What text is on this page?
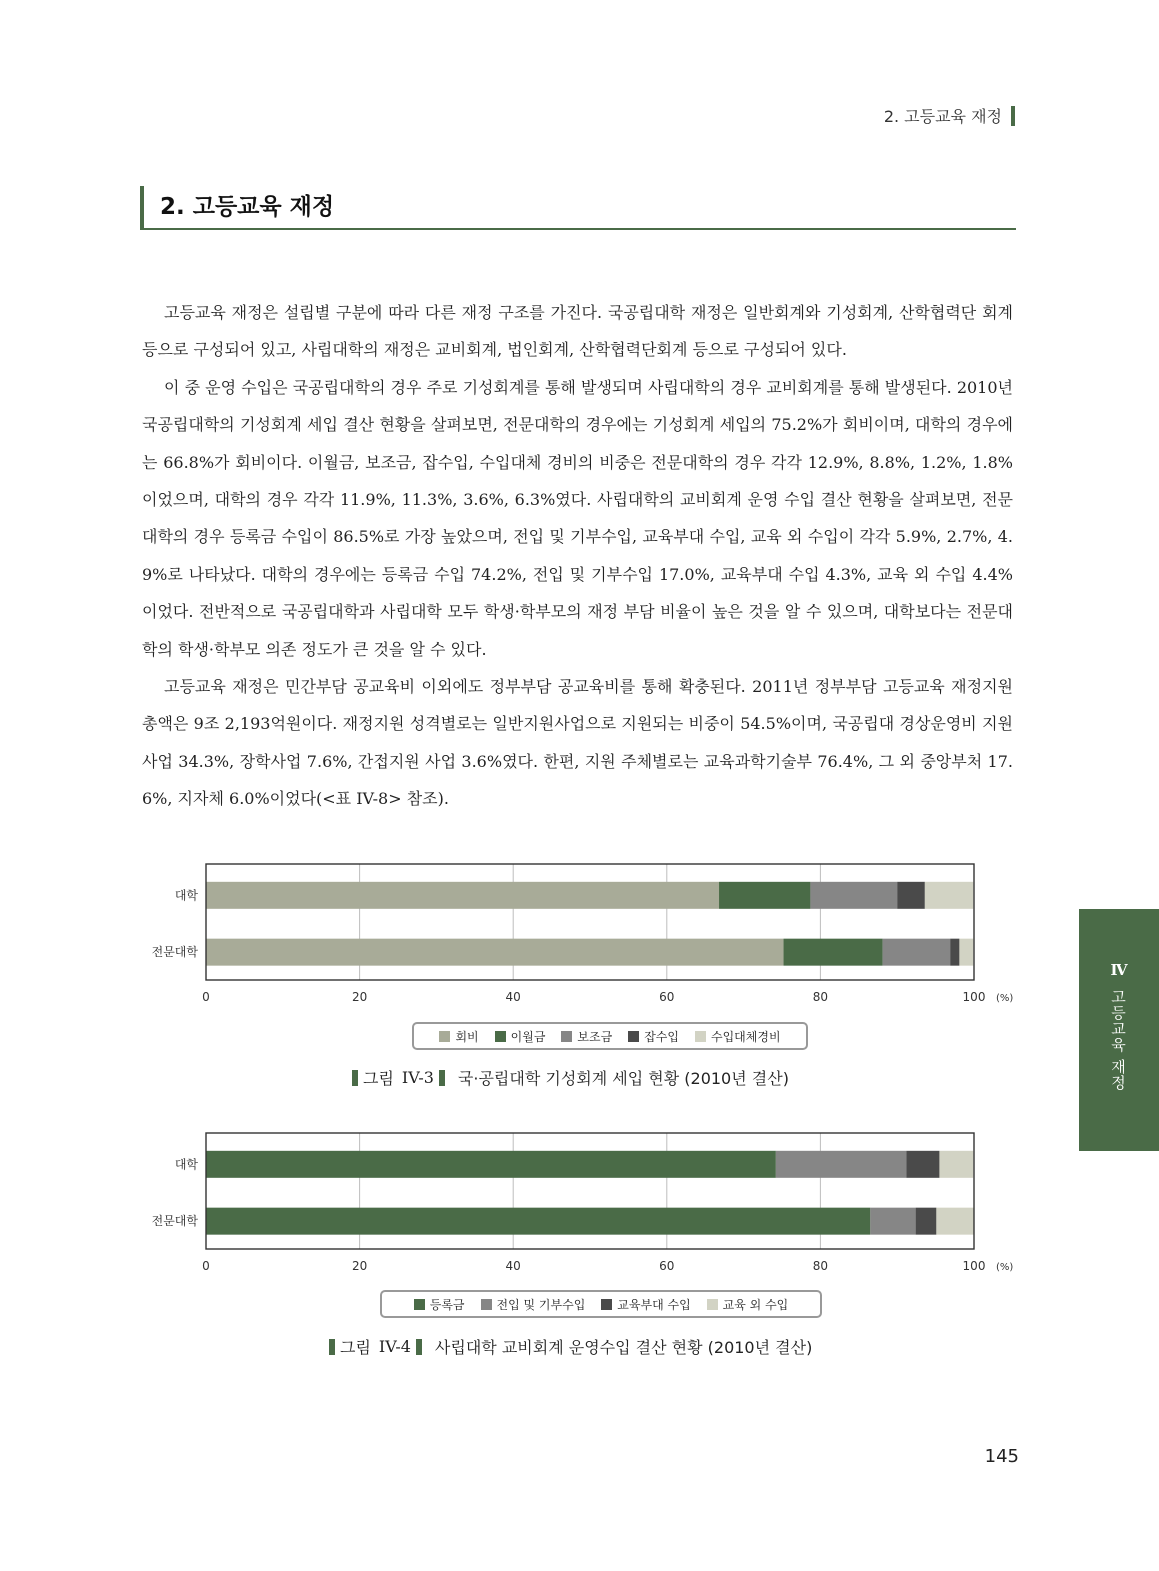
2. 고등교육 재정
2. 고등교육 재정

고등교육 재정은 설립별 구분에 따라 다른 재정 구조를 가진다. 국공립대학 재정은 일반회계와 기성회계, 산학협력단 회계 등으로 구성되어 있고, 사립대학의 재정은 교비회계, 법인회계, 산학협력단회계 등으로 구성되어 있다.

이 중 운영 수입은 국공립대학의 경우 주로 기성회계를 통해 발생되며 사립대학의 경우 교비회계를 통해 발생된다. 2010년 국공립대학의 기성회계 세입 결산 현황을 살펴보면, 전문대학의 경우에는 기성회계 세입의 75.2%가 회비이며, 대학의 경우에는 66.8%가 회비이다. 이월금, 보조금, 잡수입, 수입대체 경비의 비중은 전문대학의 경우 각각 12.9%, 8.8%, 1.2%, 1.8% 이었으며, 대학의 경우 각각 11.9%, 11.3%, 3.6%, 6.3%였다. 사립대학의 교비회계 운영 수입 결산 현황을 살펴보면, 전문대학의 경우 등록금 수입이 86.5%로 가장 높았으며, 전입 및 기부수입, 교육부대 수입, 교육 외 수입이 각각 5.9%, 2.7%, 4.9%로 나타났다. 대학의 경우에는 등록금 수입 74.2%, 전입 및 기부수입 17.0%, 교육부대 수입 4.3%, 교육 외 수입 4.4%이었다. 전반적으로 국공립대학과 사립대학 모두 학생·학부모의 재정 부담 비율이 높은 것을 알 수 있으며, 대학보다는 전문대학의 학생·학부모 의존 정도가 큰 것을 알 수 있다.

고등교육 재정은 민간부담 공교육비 이외에도 정부부담 공교육비를 통해 확충된다. 2011년 정부부담 고등교육 재정지원 총액은 9조 2,193억원이다. 재정지원 성격별로는 일반지원사업으로 지원되는 비중이 54.5%이며, 국공립대 경상운영비 지원사업 34.3%, 장학사업 7.6%, 간접지원 사업 3.6%였다. 한편, 지원 주체별로는 교육과학기술부 76.4%, 그 외 중앙부처 17.6%, 지자체 6.0%이었다(<표 IV-8> 참조).

0	20	40	60	80	100 (%)
대학
전문대학
회비	이월금	보조금	잡수입	수입대체경비
그림 IV-3 국·공립대학 기성회계 세입 현황 (2010년 결산)
0	20	40	60	80	100 (%)
대학
전문대학
등록금	전입 및 기부수입	교육부대 수입	교육 외 수입
그림 IV-4 사립대학 교비회계 운영수입 결산 현황 (2010년 결산)
Ⅳ
고등교육 재정
145
